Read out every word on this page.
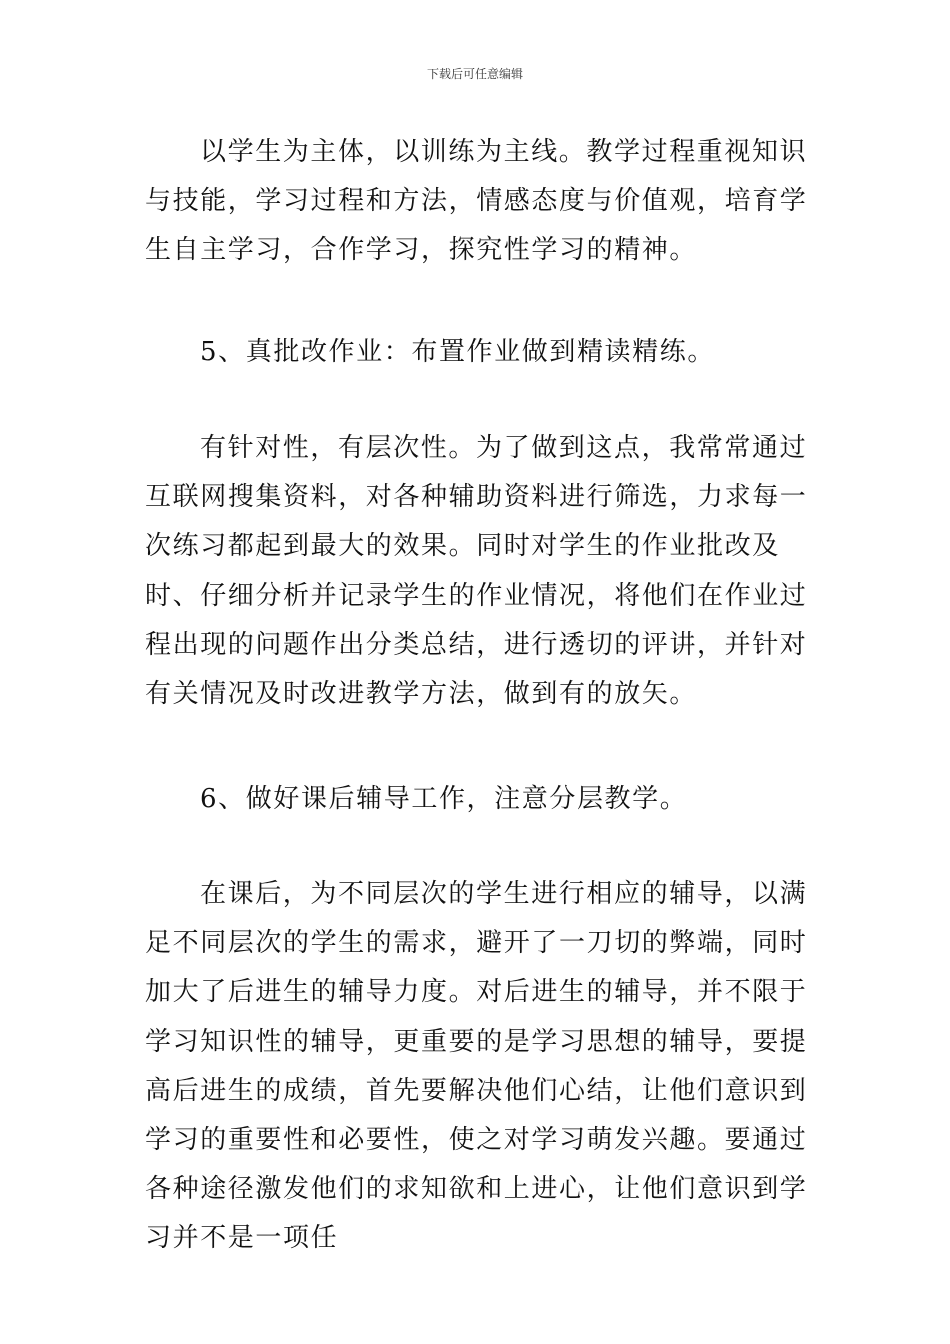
下载后可任意编辑

以学生为主体，以训练为主线。教学过程重视知识与技能，学习过程和方法，情感态度与价值观，培育学生自主学习，合作学习，探究性学习的精神。

5、真批改作业：布置作业做到精读精练。

有针对性，有层次性。为了做到这点，我常常通过互联网搜集资料，对各种辅助资料进行筛选，力求每一次练习都起到最大的效果。同时对学生的作业批改及时、仔细分析并记录学生的作业情况，将他们在作业过程出现的问题作出分类总结，进行透切的评讲，并针对有关情况及时改进教学方法，做到有的放矢。

6、做好课后辅导工作，注意分层教学。

在课后，为不同层次的学生进行相应的辅导，以满足不同层次的学生的需求，避开了一刀切的弊端，同时加大了后进生的辅导力度。对后进生的辅导，并不限于学习知识性的辅导，更重要的是学习思想的辅导，要提高后进生的成绩，首先要解决他们心结，让他们意识到学习的重要性和必要性，使之对学习萌发兴趣。要通过各种途径激发他们的求知欲和上进心，让他们意识到学习并不是一项任
